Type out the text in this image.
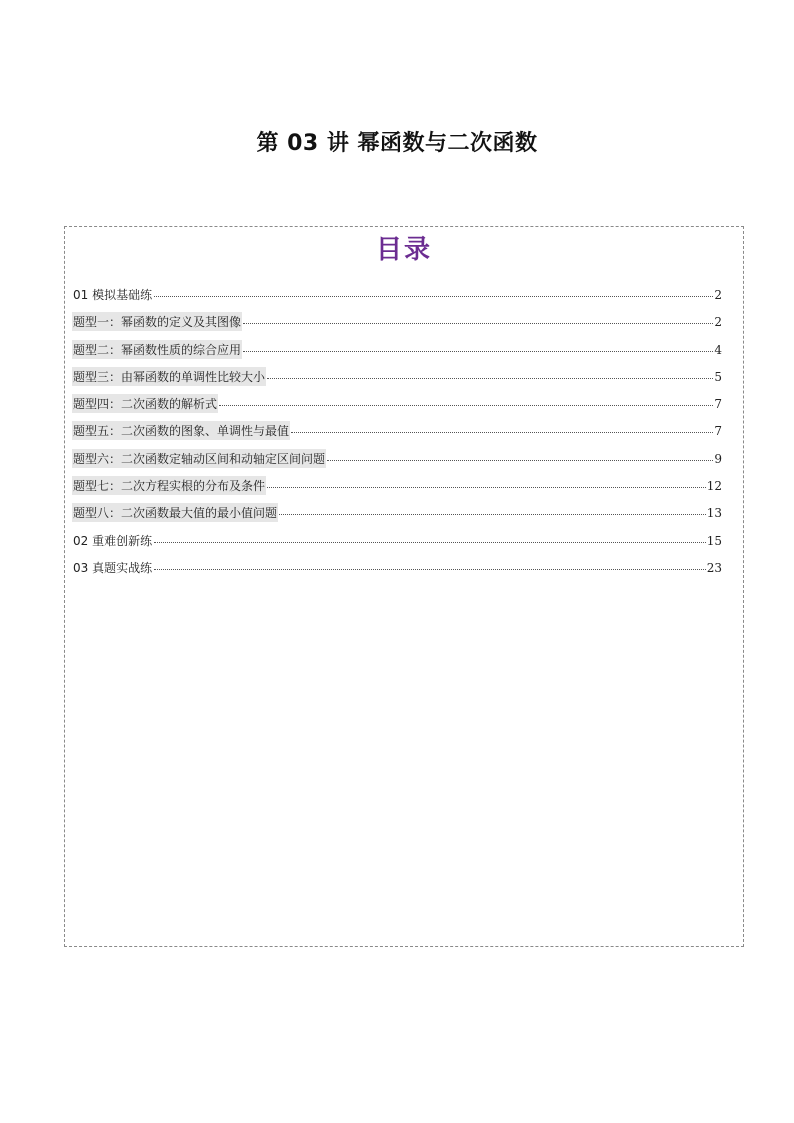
第 03 讲 幂函数与二次函数
目录
01 模拟基础练	2
题型一：幂函数的定义及其图像	2
题型二：幂函数性质的综合应用	4
题型三：由幂函数的单调性比较大小	5
题型四：二次函数的解析式	7
题型五：二次函数的图象、单调性与最值	7
题型六：二次函数定轴动区间和动轴定区间问题	9
题型七：二次方程实根的分布及条件	12
题型八：二次函数最大值的最小值问题	13
02 重难创新练	15
03 真题实战练	23
